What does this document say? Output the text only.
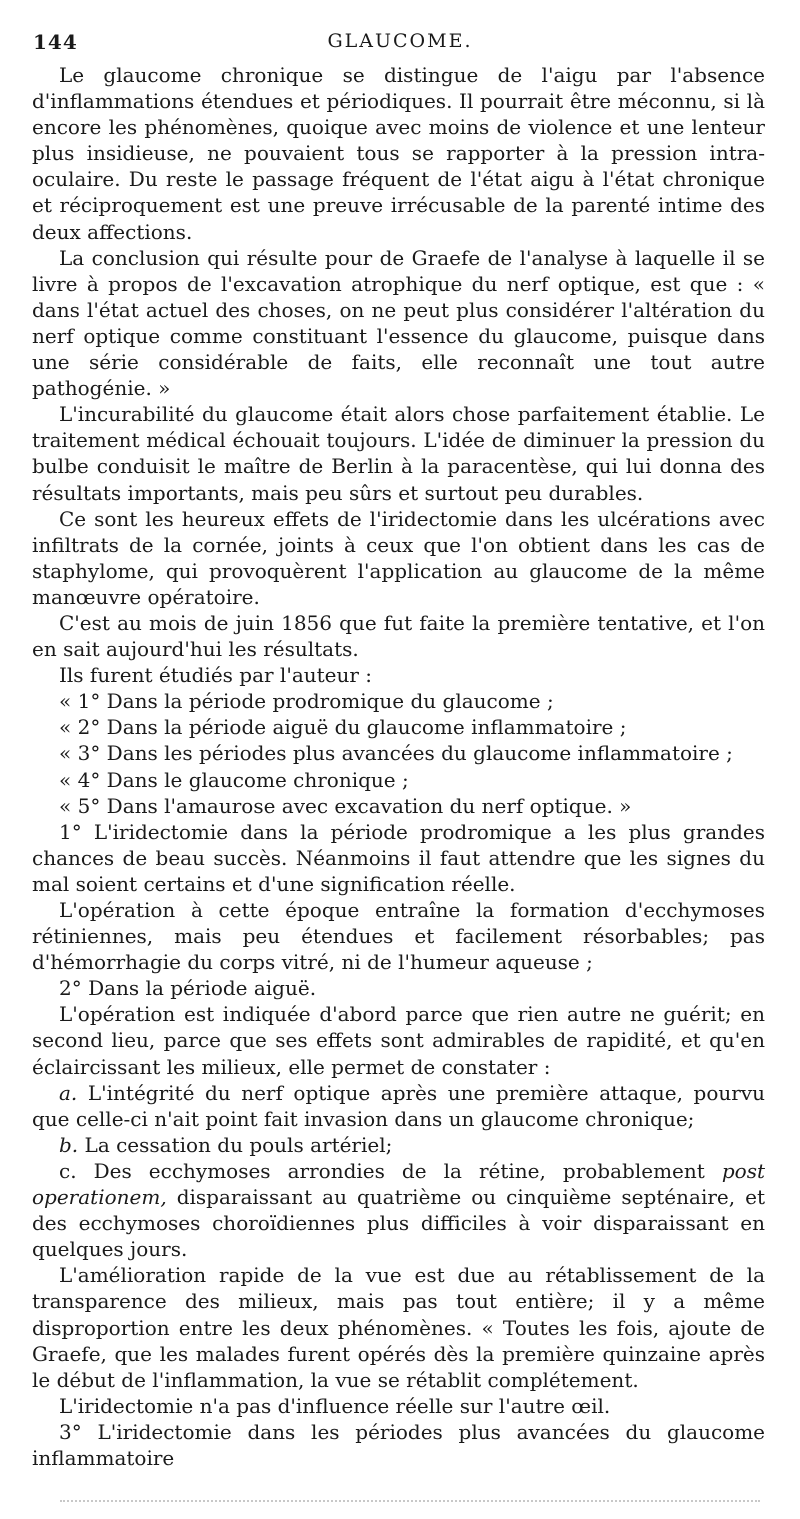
144	GLAUCOME.

Le glaucome chronique se distingue de l'aigu par l'absence d'inflammations étendues et périodiques. Il pourrait être méconnu, si là encore les phénomènes, quoique avec moins de violence et une lenteur plus insidieuse, ne pouvaient tous se rapporter à la pression intra-oculaire. Du reste le passage fréquent de l'état aigu à l'état chronique et réciproquement est une preuve irrécusable de la parenté intime des deux affections.

La conclusion qui résulte pour de Graefe de l'analyse à laquelle il se livre à propos de l'excavation atrophique du nerf optique, est que : « dans l'état actuel des choses, on ne peut plus considérer l'altération du nerf optique comme constituant l'essence du glaucome, puisque dans une série considérable de faits, elle reconnaît une tout autre pathogénie. »

L'incurabilité du glaucome était alors chose parfaitement établie. Le traitement médical échouait toujours. L'idée de diminuer la pression du bulbe conduisit le maître de Berlin à la paracentèse, qui lui donna des résultats importants, mais peu sûrs et surtout peu durables.

Ce sont les heureux effets de l'iridectomie dans les ulcérations avec infiltrats de la cornée, joints à ceux que l'on obtient dans les cas de staphylome, qui provoquèrent l'application au glaucome de la même manœuvre opératoire.

C'est au mois de juin 1856 que fut faite la première tentative, et l'on en sait aujourd'hui les résultats.

Ils furent étudiés par l'auteur :

« 1° Dans la période prodromique du glaucome ;

« 2° Dans la période aiguë du glaucome inflammatoire ;

« 3° Dans les périodes plus avancées du glaucome inflammatoire ;

« 4° Dans le glaucome chronique ;

« 5° Dans l'amaurose avec excavation du nerf optique. »

1° L'iridectomie dans la période prodromique a les plus grandes chances de beau succès. Néanmoins il faut attendre que les signes du mal soient certains et d'une signification réelle.

L'opération à cette époque entraîne la formation d'ecchymoses rétiniennes, mais peu étendues et facilement résorbables; pas d'hémorrhagie du corps vitré, ni de l'humeur aqueuse ;

2° Dans la période aiguë.

L'opération est indiquée d'abord parce que rien autre ne guérit; en second lieu, parce que ses effets sont admirables de rapidité, et qu'en éclaircissant les milieux, elle permet de constater :

a. L'intégrité du nerf optique après une première attaque, pourvu que celle-ci n'ait point fait invasion dans un glaucome chronique;

b. La cessation du pouls artériel;

c. Des ecchymoses arrondies de la rétine, probablement post operationem, disparaissant au quatrième ou cinquième septénaire, et des ecchymoses choroïdiennes plus difficiles à voir disparaissant en quelques jours.

L'amélioration rapide de la vue est due au rétablissement de la transparence des milieux, mais pas tout entière; il y a même disproportion entre les deux phénomènes. « Toutes les fois, ajoute de Graefe, que les malades furent opérés dès la première quinzaine après le début de l'inflammation, la vue se rétablit complétement.

L'iridectomie n'a pas d'influence réelle sur l'autre œil.

3° L'iridectomie dans les périodes plus avancées du glaucome inflammatoire
